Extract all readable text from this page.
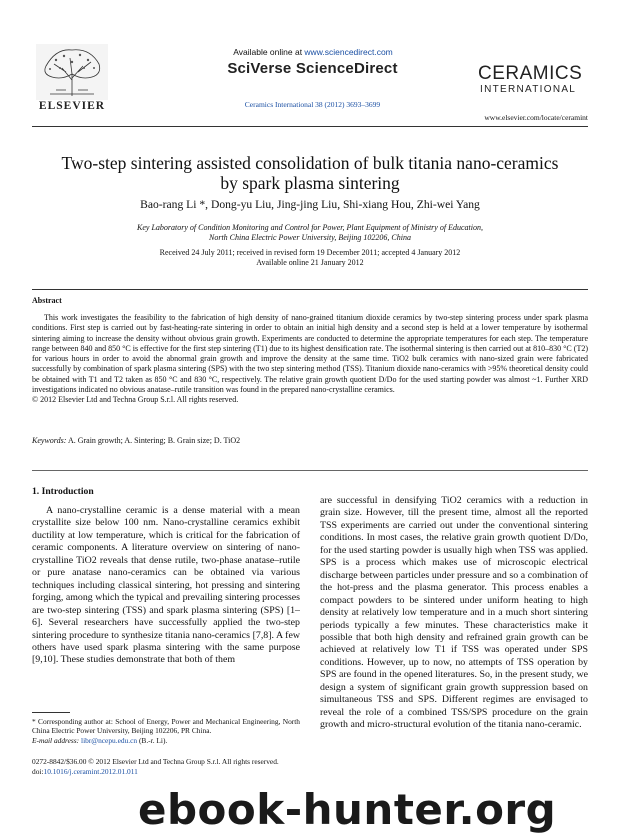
Available online at www.sciencedirect.com
SciVerse ScienceDirect
Ceramics International 38 (2012) 3693–3699
www.elsevier.com/locate/ceramint
ELSEVIER
CERAMICS
INTERNATIONAL
Two-step sintering assisted consolidation of bulk titania nano-ceramics by spark plasma sintering
Bao-rang Li *, Dong-yu Liu, Jing-jing Liu, Shi-xiang Hou, Zhi-wei Yang
Key Laboratory of Condition Monitoring and Control for Power, Plant Equipment of Ministry of Education,
North China Electric Power University, Beijing 102206, China
Received 24 July 2011; received in revised form 19 December 2011; accepted 4 January 2012
Available online 21 January 2012
Abstract
This work investigates the feasibility to the fabrication of high density of nano-grained titanium dioxide ceramics by two-step sintering process under spark plasma conditions. First step is carried out by fast-heating-rate sintering in order to obtain an initial high density and a second step is held at a lower temperature by isothermal sintering aiming to increase the density without obvious grain growth. Experiments are conducted to determine the appropriate temperatures for each step. The temperature range between 840 and 850 °C is effective for the first step sintering (T1) due to its highest densification rate. The isothermal sintering is then carried out at 810–830 °C (T2) for various hours in order to avoid the abnormal grain growth and improve the density at the same time. TiO2 bulk ceramics with nano-sized grain were fabricated successfully by combination of spark plasma sintering (SPS) with the two step sintering method (TSS). Titanium dioxide nano-ceramics with >95% theoretical density could be obtained with T1 and T2 taken as 850 °C and 830 °C, respectively. The relative grain growth quotient D/Do for the used starting powder was almost ~1. Further XRD investigations indicated no obvious anatase–rutile transition was found in the prepared nano-crystalline ceramics.
© 2012 Elsevier Ltd and Techna Group S.r.l. All rights reserved.
Keywords: A. Grain growth; A. Sintering; B. Grain size; D. TiO2
1. Introduction

A nano-crystalline ceramic is a dense material with a mean crystallite size below 100 nm. Nano-crystalline ceramics exhibit ductility at low temperature, which is critical for the fabrication of ceramic components. A literature overview on sintering of nano-crystalline TiO2 reveals that dense rutile, two-phase anatase–rutile or pure anatase nano-ceramics can be obtained via various techniques including classical sintering, hot pressing and sintering forging, among which the typical and prevailing sintering processes are two-step sintering (TSS) and spark plasma sintering (SPS) [1–6]. Several researchers have successfully applied the two-step sintering procedure to synthesize titania nano-ceramics [7,8]. A few others have used spark plasma sintering with the same purpose [9,10]. These studies demonstrate that both of them

are successful in densifying TiO2 ceramics with a reduction in grain size. However, till the present time, almost all the reported TSS experiments are carried out under the conventional sintering conditions. In most cases, the relative grain growth quotient D/Do, for the used starting powder is usually high when TSS was applied. SPS is a process which makes use of microscopic electrical discharge between particles under pressure and so a combination of the hot-press and the plasma generator. This process enables a compact powders to be sintered under uniform heating to high density at relatively low temperature and in a much short sintering periods typically a few minutes. These characteristics make it possible that both high density and refrained grain growth can be achieved at relatively low T1 if TSS was operated under SPS conditions. However, up to now, no attempts of TSS operation by SPS are found in the opened literatures. So, in the present study, we design a system of significant grain growth suppression based on simultaneous TSS and SPS. Different regimes are envisaged to reveal the role of a combined TSS/SPS procedure on the grain growth and micro-structural evolution of the titania nano-ceramic.

* Corresponding author at: School of Energy, Power and Mechanical Engineering, North China Electric Power University, Beijing 102206, PR China.
E-mail address: libr@ncepu.edu.cn (B.-r. Li).
0272-8842/$36.00 © 2012 Elsevier Ltd and Techna Group S.r.l. All rights reserved.
doi:10.1016/j.ceramint.2012.01.011
ebook-hunter.org
